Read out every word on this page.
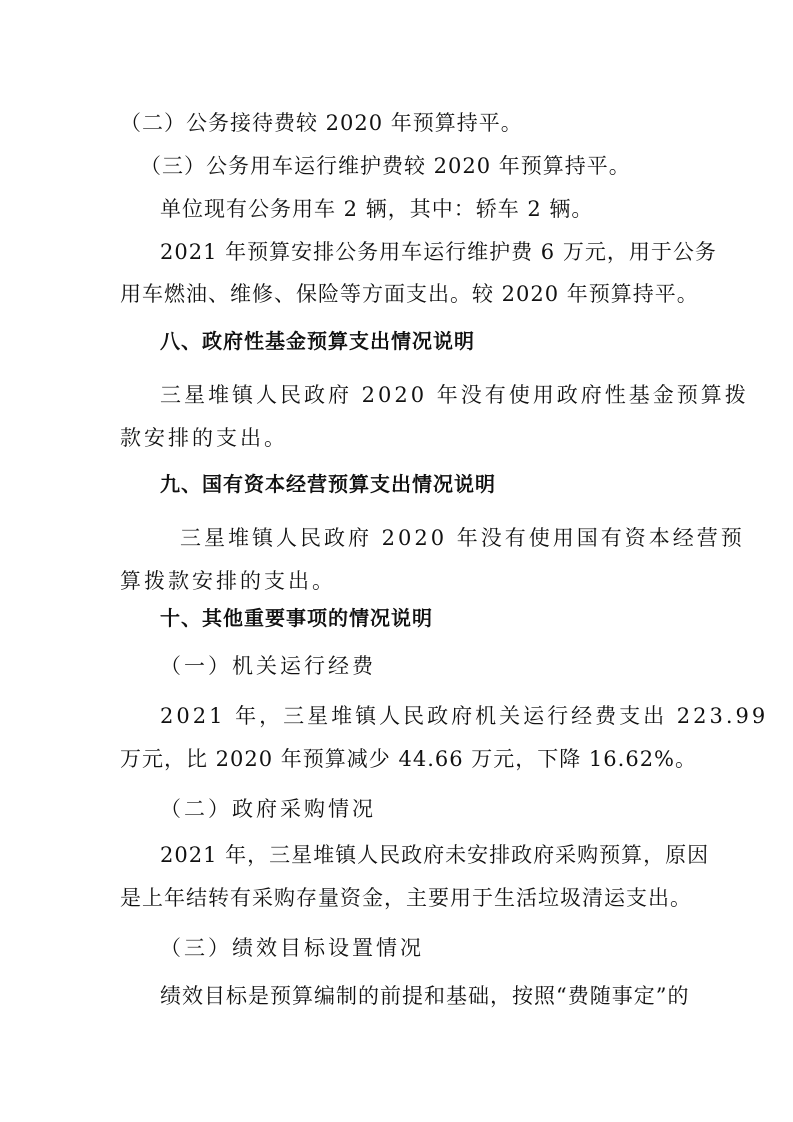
（二）公务接待费较 2020 年预算持平。
（三）公务用车运行维护费较 2020 年预算持平。
单位现有公务用车 2 辆，其中：轿车 2 辆。
2021 年预算安排公务用车运行维护费 6 万元，用于公务
用车燃油、维修、保险等方面支出。较 2020 年预算持平。
八、政府性基金预算支出情况说明
三星堆镇人民政府 2020 年没有使用政府性基金预算拨
款安排的支出。
九、国有资本经营预算支出情况说明
三星堆镇人民政府 2020 年没有使用国有资本经营预
算拨款安排的支出。
十、其他重要事项的情况说明
（一）机关运行经费
2021 年，三星堆镇人民政府机关运行经费支出 223.99
万元，比 2020 年预算减少 44.66 万元，下降 16.62%。
（二）政府采购情况
2021 年，三星堆镇人民政府未安排政府采购预算，原因
是上年结转有采购存量资金，主要用于生活垃圾清运支出。
（三）绩效目标设置情况
绩效目标是预算编制的前提和基础，按照“费随事定”的
